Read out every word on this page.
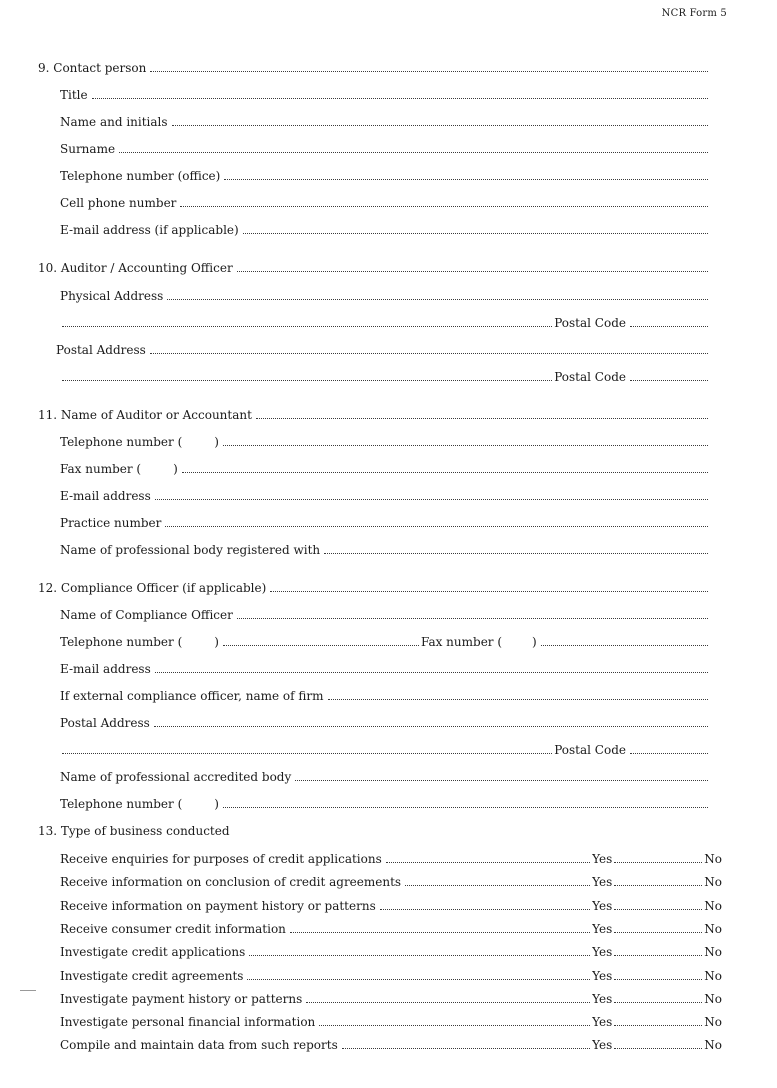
NCR Form 5
9. Contact person
Title
Name and initials
Surname
Telephone number (office)
Cell phone number
E-mail address (if applicable)
10. Auditor / Accounting Officer
Physical Address
Postal Code
Postal Address
Postal Code
11. Name of Auditor or Accountant
Telephone number (	)
Fax number (	)
E-mail address
Practice number
Name of professional body registered with
12. Compliance Officer (if applicable)
Name of Compliance Officer
Telephone number (	)	Fax number (	)
E-mail address
If external compliance officer, name of firm
Postal Address
Postal Code
Name of professional accredited body
Telephone number (	)
13. Type of business conducted
Receive enquiries for purposes of credit applications	Yes	No
Receive information on conclusion of credit agreements	Yes	No
Receive information on payment history or patterns	Yes	No
Receive consumer credit information	Yes	No
Investigate credit applications	Yes	No
Investigate credit agreements	Yes	No
Investigate payment history or patterns	Yes	No
Investigate personal financial information	Yes	No
Compile and maintain data from such reports	Yes	No
